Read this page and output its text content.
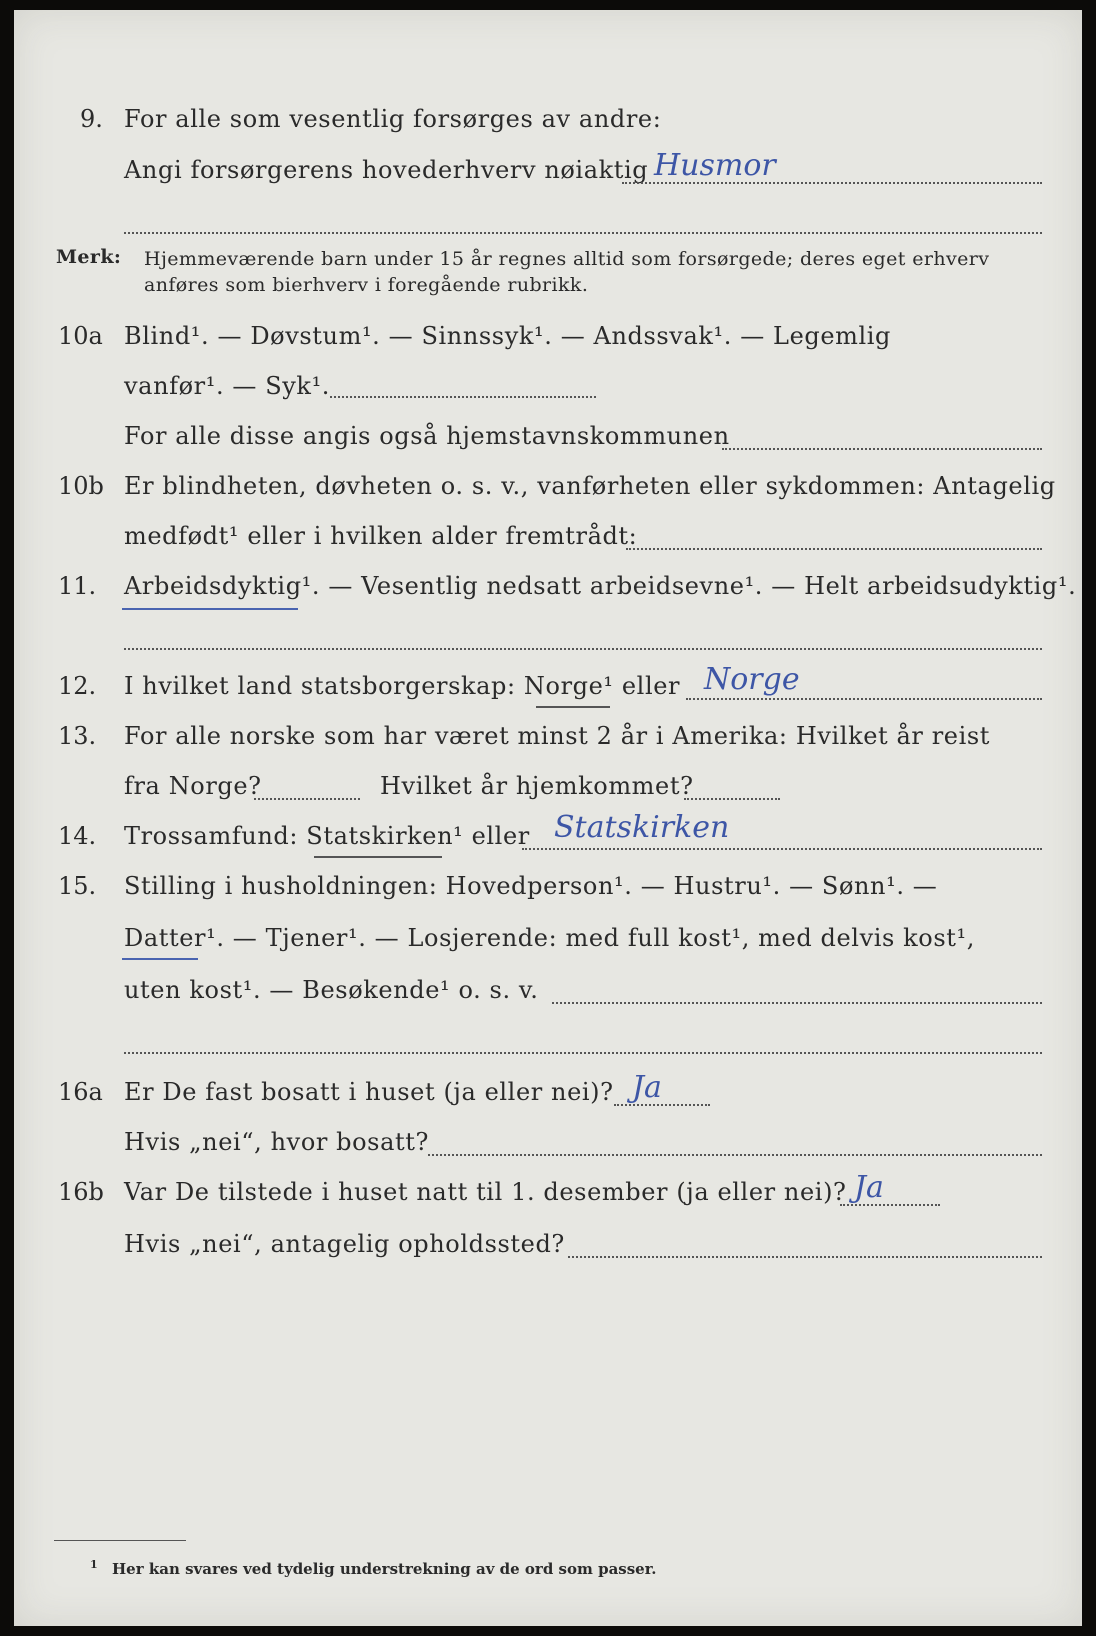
9. For alle som vesentlig forsørges av andre:
Angi forsørgerens hovederhverv nøiaktig Husmor
Merk: Hjemmeværende barn under 15 år regnes alltid som forsørgede; deres eget erhverv
anføres som bierhverv i foregående rubrikk.
10a Blind¹. — Døvstum¹. — Sinnssyk¹. — Andssvak¹. — Legemlig
vanfør¹. — Syk¹.
For alle disse angis også hjemstavnskommunen
10b Er blindheten, døvheten o. s. v., vanførheten eller sykdommen: Antagelig
medfødt¹ eller i hvilken alder fremtrådt:
11. Arbeidsdyktig¹. — Vesentlig nedsatt arbeidsevne¹. — Helt arbeidsudyktig¹.
12. I hvilket land statsborgerskap: Norge¹ eller Norge
13. For alle norske som har været minst 2 år i Amerika: Hvilket år reist
fra Norge?	Hvilket år hjemkommet?
14. Trossamfund: Statskirken¹ eller Statskirken
15. Stilling i husholdningen: Hovedperson¹. — Hustru¹. — Sønn¹. —
Datter¹. — Tjener¹. — Losjerende: med full kost¹, med delvis kost¹,
uten kost¹. — Besøkende¹ o. s. v.
16a Er De fast bosatt i huset (ja eller nei)? Ja
Hvis „nei“, hvor bosatt?
16b Var De tilstede i huset natt til 1. desember (ja eller nei)? Ja
Hvis „nei“, antagelig opholdssted?
1 Her kan svares ved tydelig understrekning av de ord som passer.
